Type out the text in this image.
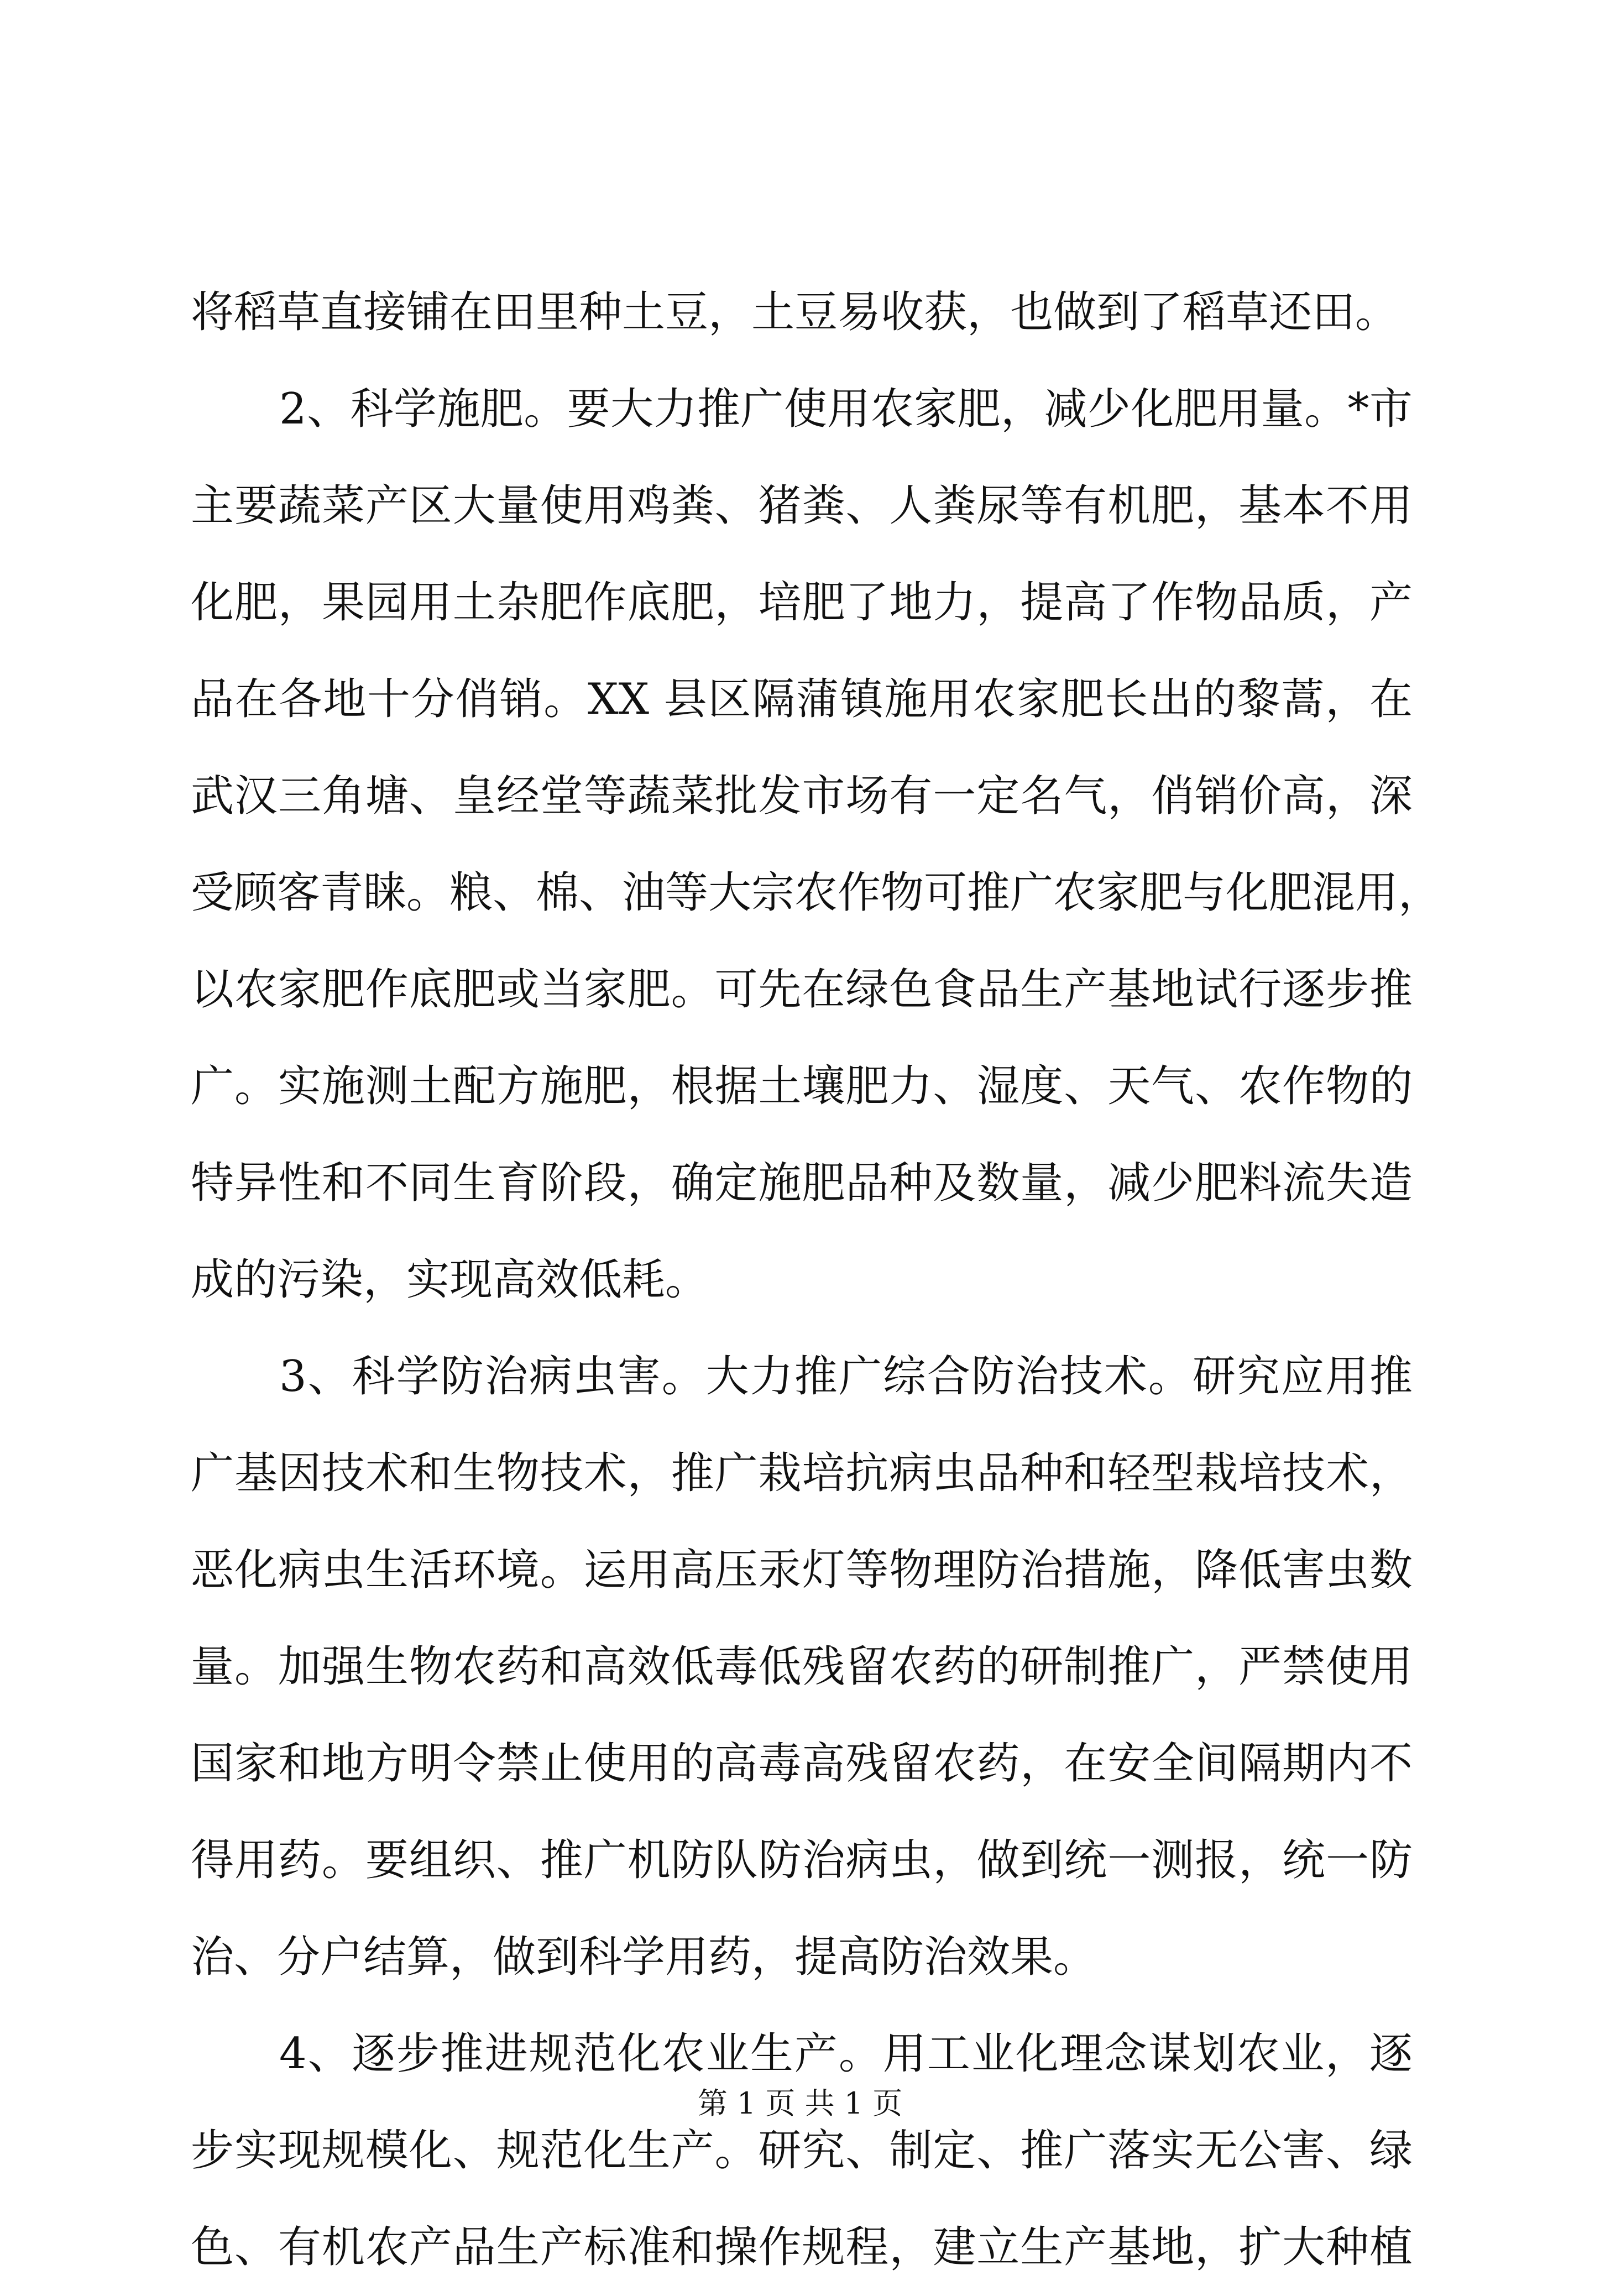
将稻草直接铺在田里种土豆，土豆易收获，也做到了稻草还田。
2、科学施肥。要大力推广使用农家肥，减少化肥用量。*市
主要蔬菜产区大量使用鸡粪、猪粪、人粪尿等有机肥，基本不用
化肥，果园用土杂肥作底肥，培肥了地力，提高了作物品质，产
品在各地十分俏销。XX 县区隔蒲镇施用农家肥长出的黎蒿，在
武汉三角塘、皇经堂等蔬菜批发市场有一定名气，俏销价高，深
受顾客青睐。粮、棉、油等大宗农作物可推广农家肥与化肥混用，
以农家肥作底肥或当家肥。可先在绿色食品生产基地试行逐步推
广。实施测土配方施肥，根据土壤肥力、湿度、天气、农作物的
特异性和不同生育阶段，确定施肥品种及数量，减少肥料流失造
成的污染，实现高效低耗。
3、科学防治病虫害。大力推广综合防治技术。研究应用推
广基因技术和生物技术，推广栽培抗病虫品种和轻型栽培技术，
恶化病虫生活环境。运用高压汞灯等物理防治措施，降低害虫数
量。加强生物农药和高效低毒低残留农药的研制推广，严禁使用
国家和地方明令禁止使用的高毒高残留农药，在安全间隔期内不
得用药。要组织、推广机防队防治病虫，做到统一测报，统一防
治、分户结算，做到科学用药，提高防治效果。
4、逐步推进规范化农业生产。用工业化理念谋划农业，逐
步实现规模化、规范化生产。研究、制定、推广落实无公害、绿
色、有机农产品生产标准和操作规程，建立生产基地，扩大种植
第 1 页 共 1 页
